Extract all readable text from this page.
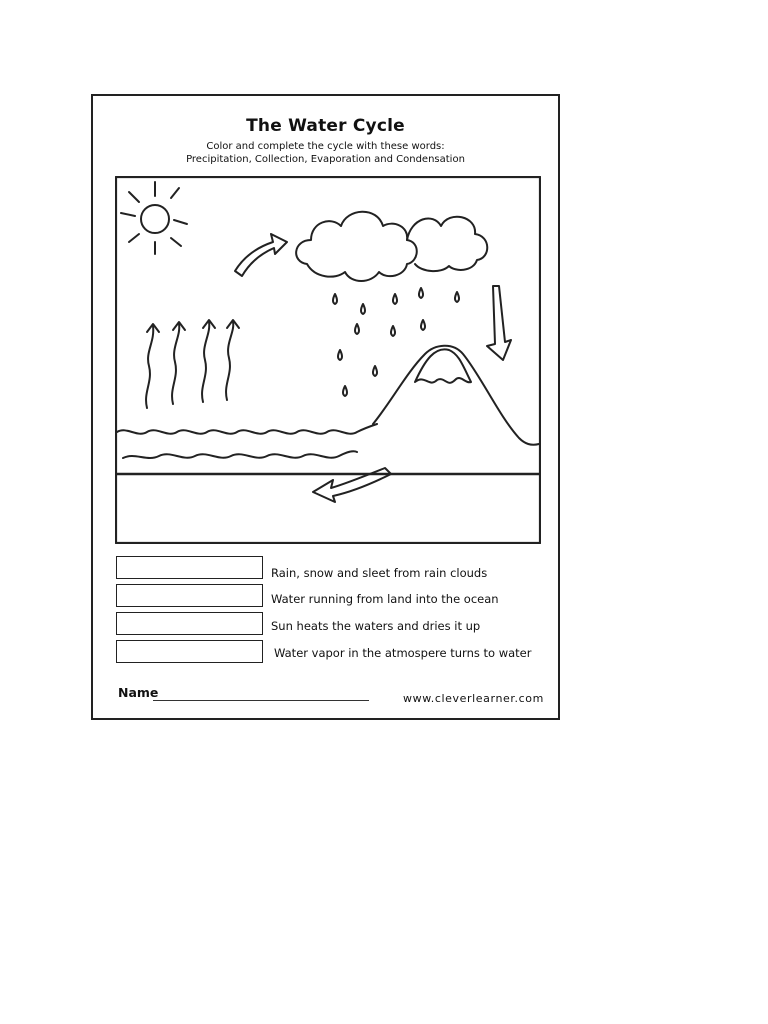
The Water Cycle
Color and complete the cycle with these words:
Precipitation, Collection, Evaporation and Condensation
Rain, snow and sleet from rain clouds
Water running from land into the ocean
Sun heats the waters and dries it up
Water vapor in the atmospere turns to water
Name	www.cleverlearner.com
